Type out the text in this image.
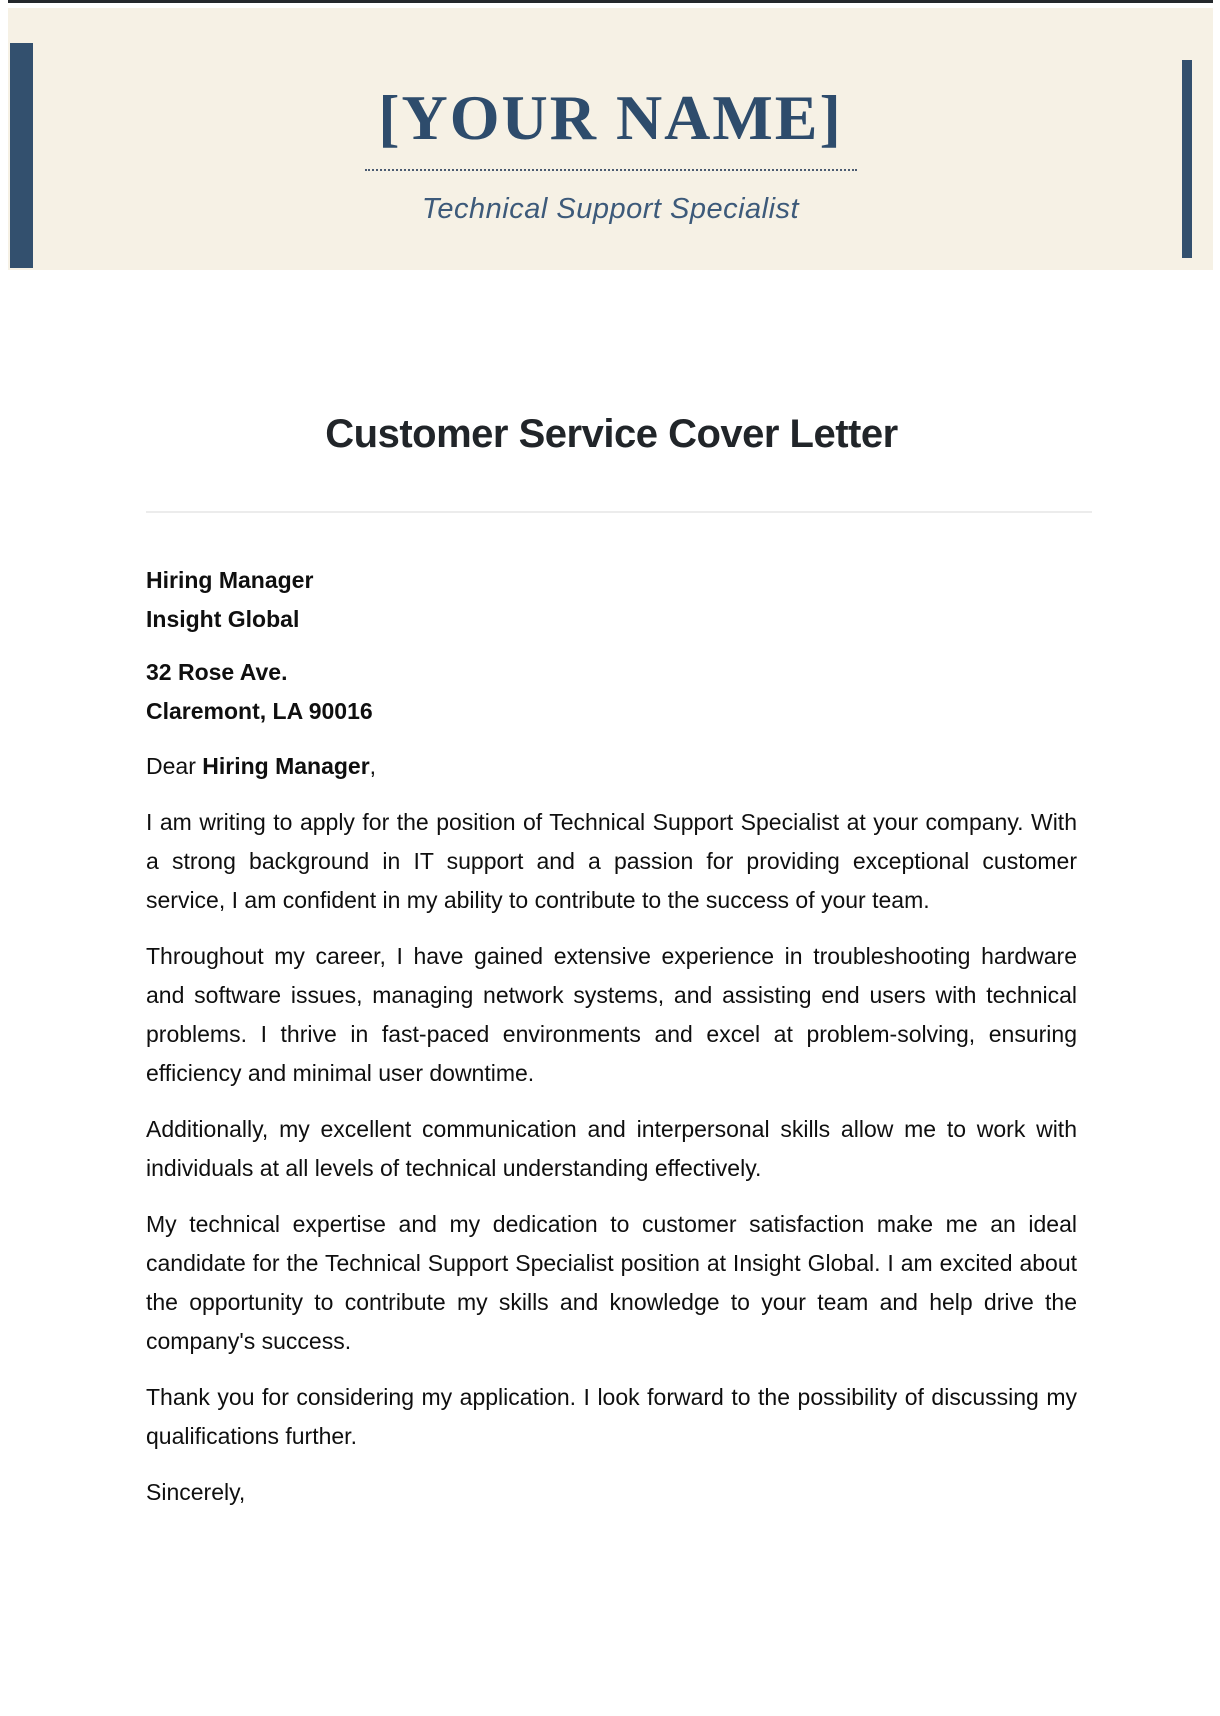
[YOUR NAME]
Technical Support Specialist
Customer Service Cover Letter
Hiring Manager
Insight Global
32 Rose Ave.
Claremont, LA 90016

Dear Hiring Manager,

I am writing to apply for the position of Technical Support Specialist at your company. With a strong background in IT support and a passion for providing exceptional customer service, I am confident in my ability to contribute to the success of your team.

Throughout my career, I have gained extensive experience in troubleshooting hardware and software issues, managing network systems, and assisting end users with technical problems. I thrive in fast-paced environments and excel at problem-solving, ensuring efficiency and minimal user downtime.

Additionally, my excellent communication and interpersonal skills allow me to work with individuals at all levels of technical understanding effectively.

My technical expertise and my dedication to customer satisfaction make me an ideal candidate for the Technical Support Specialist position at Insight Global. I am excited about the opportunity to contribute my skills and knowledge to your team and help drive the company's success.

Thank you for considering my application. I look forward to the possibility of discussing my qualifications further.

Sincerely,
